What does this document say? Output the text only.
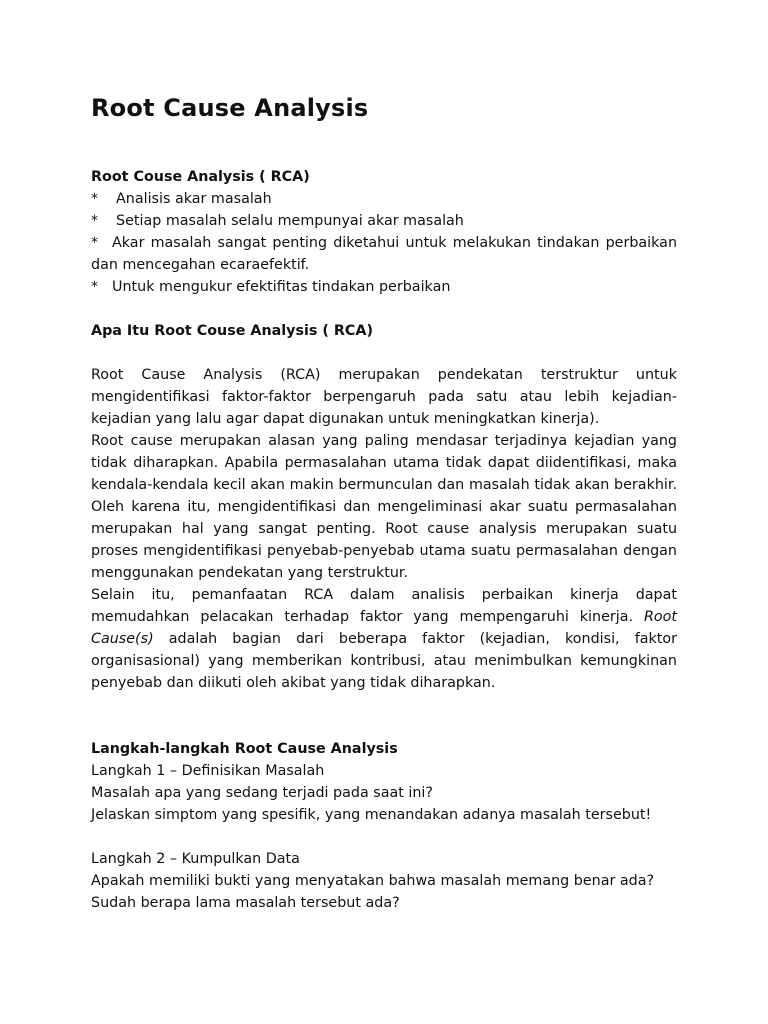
Root Cause Analysis

Root Couse Analysis ( RCA)

* Analisis akar masalah

* Setiap masalah selalu mempunyai akar masalah

* Akar masalah sangat penting diketahui untuk melakukan tindakan perbaikan dan mencegahan ecaraefektif.

* Untuk mengukur efektifitas tindakan perbaikan

Apa Itu Root Couse Analysis ( RCA)

Root Cause Analysis (RCA) merupakan pendekatan terstruktur untuk mengidentifikasi faktor-faktor berpengaruh pada satu atau lebih kejadian-kejadian yang lalu agar dapat digunakan untuk meningkatkan kinerja).

Root cause merupakan alasan yang paling mendasar terjadinya kejadian yang tidak diharapkan. Apabila permasalahan utama tidak dapat diidentifikasi, maka kendala-kendala kecil akan makin bermunculan dan masalah tidak akan berakhir. Oleh karena itu, mengidentifikasi dan mengeliminasi akar suatu permasalahan merupakan hal yang sangat penting. Root cause analysis merupakan suatu proses mengidentifikasi penyebab-penyebab utama suatu permasalahan dengan menggunakan pendekatan yang terstruktur.

Selain itu, pemanfaatan RCA dalam analisis perbaikan kinerja dapat memudahkan pelacakan terhadap faktor yang mempengaruhi kinerja. Root Cause(s) adalah bagian dari beberapa faktor (kejadian, kondisi, faktor organisasional) yang memberikan kontribusi, atau menimbulkan kemungkinan penyebab dan diikuti oleh akibat yang tidak diharapkan.

Langkah-langkah Root Cause Analysis

Langkah 1 – Definisikan Masalah

Masalah apa yang sedang terjadi pada saat ini?

Jelaskan simptom yang spesifik, yang menandakan adanya masalah tersebut!

Langkah 2 – Kumpulkan Data

Apakah memiliki bukti yang menyatakan bahwa masalah memang benar ada?

Sudah berapa lama masalah tersebut ada?
